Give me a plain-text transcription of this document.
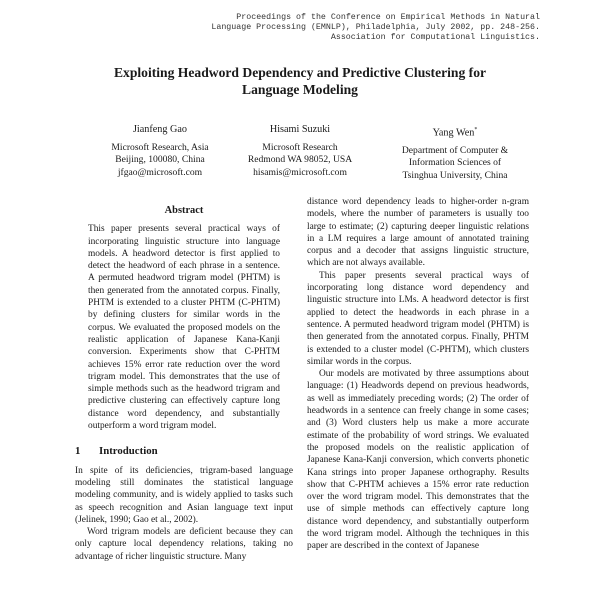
Proceedings of the Conference on Empirical Methods in Natural
Language Processing (EMNLP), Philadelphia, July 2002, pp. 248-256.
Association for Computational Linguistics.
Exploiting Headword Dependency and Predictive Clustering for
Language Modeling
Jianfeng Gao
Microsoft Research, Asia
Beijing, 100080, China
jfgao@microsoft.com
Hisami Suzuki
Microsoft Research
Redmond WA 98052, USA
hisamis@microsoft.com
Yang Wen*
Department of Computer &
Information Sciences of
Tsinghua University, China
Abstract

This paper presents several practical ways of incorporating linguistic structure into language models. A headword detector is first applied to detect the headword of each phrase in a sentence. A permuted headword trigram model (PHTM) is then generated from the annotated corpus. Finally, PHTM is extended to a cluster PHTM (C-PHTM) by defining clusters for similar words in the corpus. We evaluated the proposed models on the realistic application of Japanese Kana-Kanji conversion. Experiments show that C-PHTM achieves 15% error rate reduction over the word trigram model. This demonstrates that the use of simple methods such as the headword trigram and predictive clustering can effectively capture long distance word dependency, and substantially outperform a word trigram model.

1 Introduction

In spite of its deficiencies, trigram-based language modeling still dominates the statistical language modeling community, and is widely applied to tasks such as speech recognition and Asian language text input (Jelinek, 1990; Gao et al., 2002).

Word trigram models are deficient because they can only capture local dependency relations, taking no advantage of richer linguistic structure. Many

distance word dependency leads to higher-order n-gram models, where the number of parameters is usually too large to estimate; (2) capturing deeper linguistic relations in a LM requires a large amount of annotated training corpus and a decoder that assigns linguistic structure, which are not always available.

This paper presents several practical ways of incorporating long distance word dependency and linguistic structure into LMs. A headword detector is first applied to detect the headwords in each phrase in a sentence. A permuted headword trigram model (PHTM) is then generated from the annotated corpus. Finally, PHTM is extended to a cluster model (C-PHTM), which clusters similar words in the corpus.

Our models are motivated by three assumptions about language: (1) Headwords depend on previous headwords, as well as immediately preceding words; (2) The order of headwords in a sentence can freely change in some cases; and (3) Word clusters help us make a more accurate estimate of the probability of word strings. We evaluated the proposed models on the realistic application of Japanese Kana-Kanji conversion, which converts phonetic Kana strings into proper Japanese orthography. Results show that C-PHTM achieves a 15% error rate reduction over the word trigram model. This demonstrates that the use of simple methods can effectively capture long distance word dependency, and substantially outperform the word trigram model. Although the techniques in this paper are described in the context of Japanese
